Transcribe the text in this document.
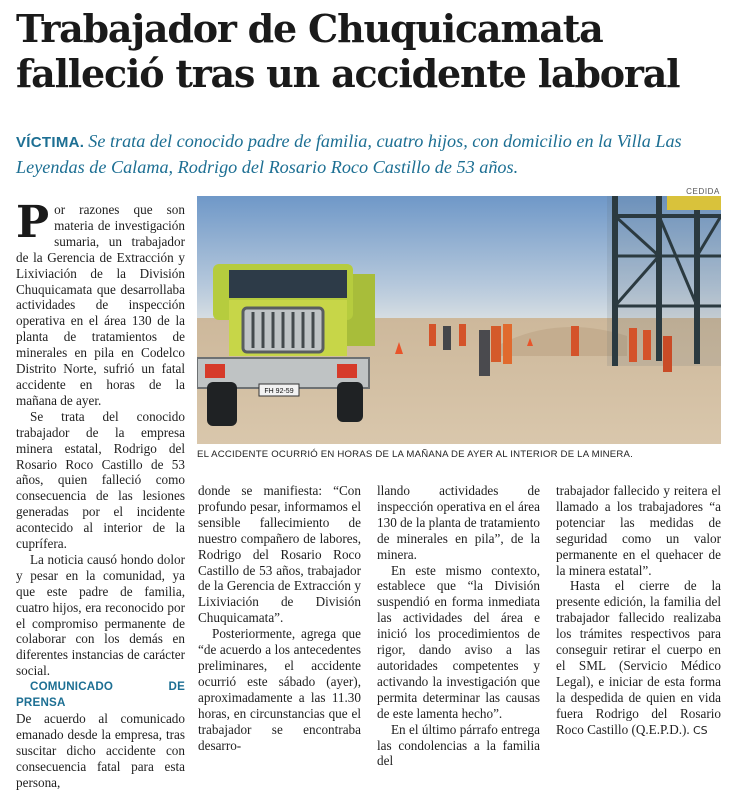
Trabajador de Chuquicamata
falleció tras un accidente laboral

VÍCTIMA. Se trata del conocido padre de familia, cuatro hijos, con domicilio en la Villa Las Leyendas de Calama, Rodrigo del Rosario Roco Castillo de 53 años.

CEDIDA
FH 92-59
EL ACCIDENTE OCURRIÓ EN HORAS DE LA MAÑANA DE AYER AL INTERIOR DE LA MINERA.

Por razones que son materia de investigación sumaria, un trabajador de la Gerencia de Extracción y Lixiviación de la División Chuquicamata que desarrollaba actividades de inspección operativa en el área 130 de la planta de tratamientos de minerales en pila en Codelco Distrito Norte, sufrió un fatal accidente en horas de la mañana de ayer.

Se trata del conocido trabajador de la empresa minera estatal, Rodrigo del Rosario Roco Castillo de 53 años, quien falleció como consecuencia de las lesiones generadas por el incidente acontecido al interior de la cuprífera.

La noticia causó hondo dolor y pesar en la comunidad, ya que este padre de familia, cuatro hijos, era reconocido por el compromiso permanente de colaborar con los demás en diferentes instancias de carácter social.

COMUNICADO DE PRENSA

De acuerdo al comunicado emanado desde la empresa, tras suscitar dicho accidente con consecuencia fatal para esta persona,

donde se manifiesta: “Con profundo pesar, informamos el sensible fallecimiento de nuestro compañero de labores, Rodrigo del Rosario Roco Castillo de 53 años, trabajador de la Gerencia de Extracción y Lixiviación de División Chuquicamata”.

Posteriormente, agrega que “de acuerdo a los antecedentes preliminares, el accidente ocurrió este sábado (ayer), aproximadamente a las 11.30 horas, en circunstancias que el trabajador se encontraba desarro-

llando actividades de inspección operativa en el área 130 de la planta de tratamiento de minerales en pila”, de la minera.

En este mismo contexto, establece que “la División suspendió en forma inmediata las actividades del área e inició los procedimientos de rigor, dando aviso a las autoridades competentes y activando la investigación que permita determinar las causas de este lamenta hecho”.

En el último párrafo entrega las condolencias a la familia del

trabajador fallecido y reitera el llamado a los trabajadores “a potenciar las medidas de seguridad como un valor permanente en el quehacer de la minera estatal”.

Hasta el cierre de la presente edición, la familia del trabajador fallecido realizaba los trámites respectivos para conseguir retirar el cuerpo en el SML (Servicio Médico Legal), e iniciar de esta forma la despedida de quien en vida fuera Rodrigo del Rosario Roco Castillo (Q.E.P.D.). CS
